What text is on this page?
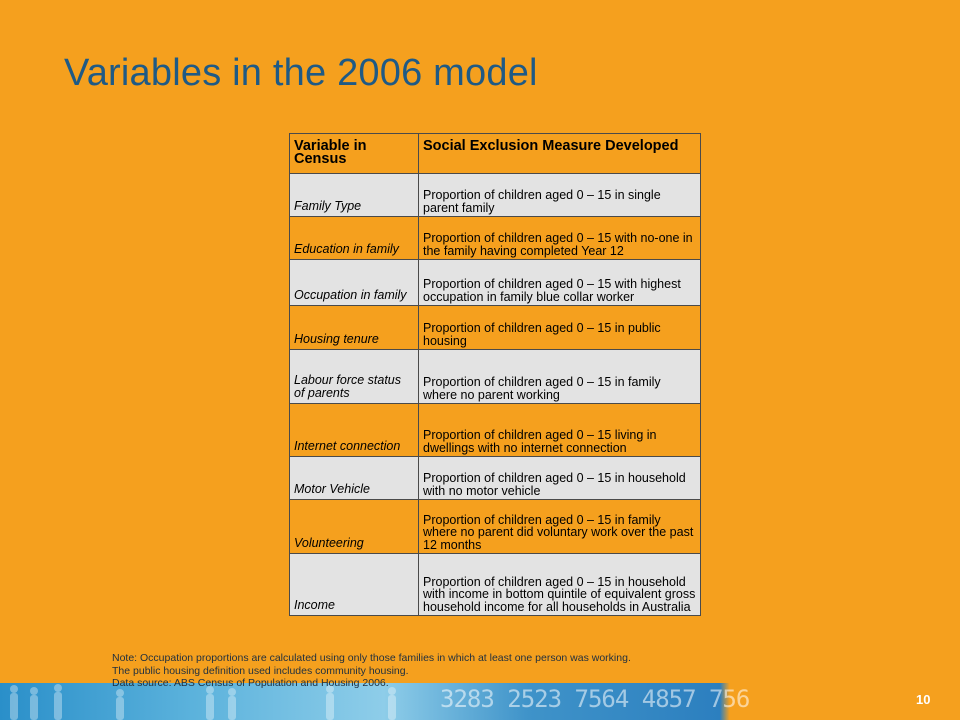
Variables in the 2006 model
Variable in Census	Social Exclusion Measure Developed
Family Type	Proportion of children aged 0 – 15 in single parent family
Education in family	Proportion of children aged 0 – 15 with no-one in the family having completed Year 12
Occupation in family	Proportion of children aged 0 – 15 with highest occupation in family blue collar worker
Housing tenure	Proportion of children aged 0 – 15 in public housing
Labour force status of parents	Proportion of children aged 0 – 15 in family where no parent working
Internet connection	Proportion of children aged 0 – 15 living in dwellings with no internet connection
Motor Vehicle	Proportion of children aged 0 – 15 in household with no motor vehicle
Volunteering	Proportion of children aged 0 – 15 in family where no parent did voluntary work over the past 12 months
Income	Proportion of children aged 0 – 15 in household with income in bottom quintile of equivalent gross household income for all households in Australia
3283 2523 7564 4857 756
Note: Occupation proportions are calculated using only those families in which at least one person was working.
The public housing definition used includes community housing.
Data source: ABS Census of Population and Housing 2006.
10
